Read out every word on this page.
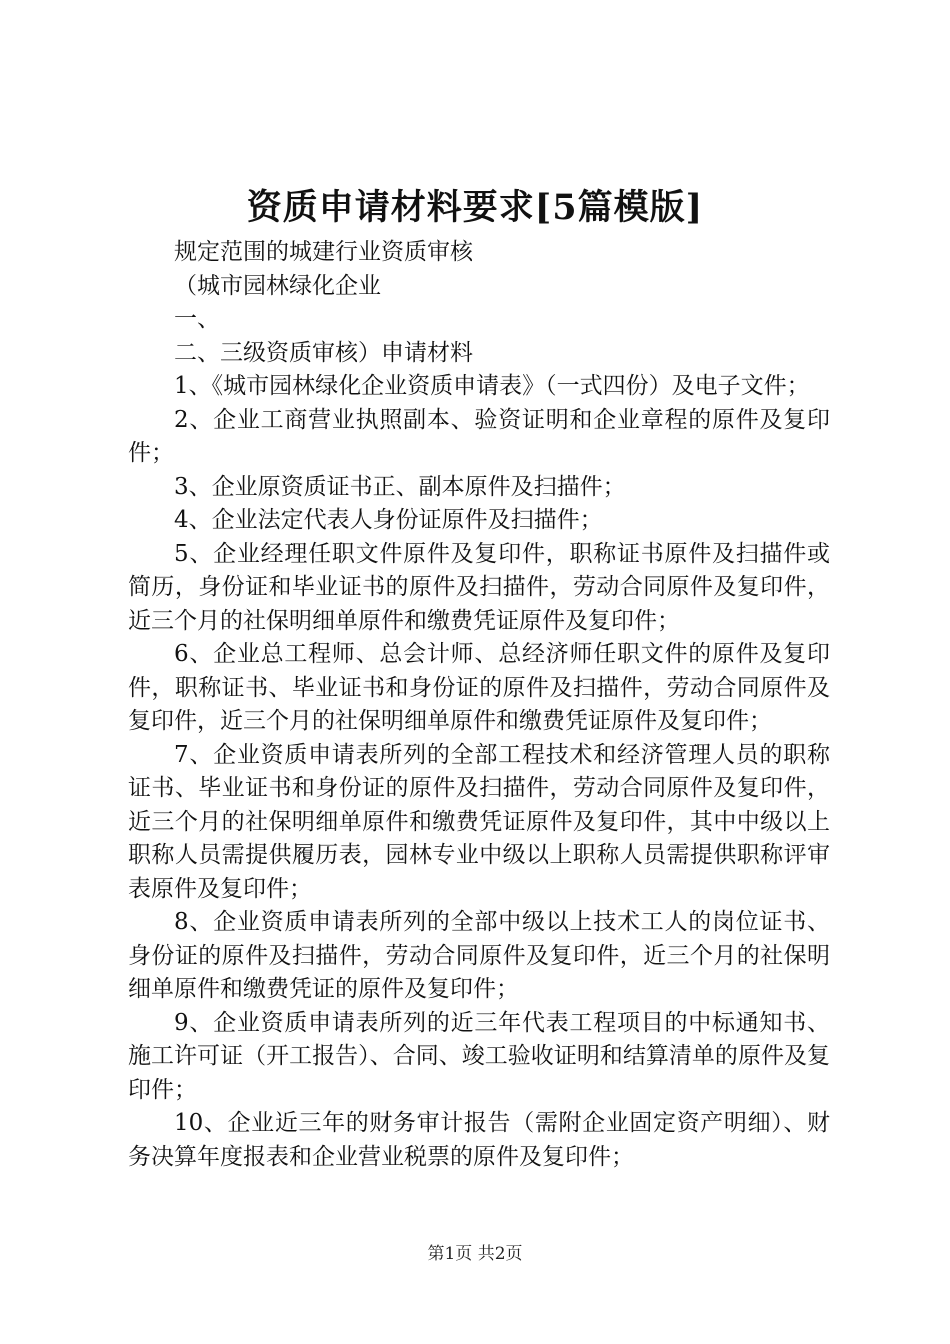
资质申请材料要求[5篇模版]

规定范围的城建行业资质审核

（城市园林绿化企业

一、

二、三级资质审核）申请材料

1、《城市园林绿化企业资质申请表》（一式四份）及电子文件；

2、企业工商营业执照副本、验资证明和企业章程的原件及复印件；

3、企业原资质证书正、副本原件及扫描件；

4、企业法定代表人身份证原件及扫描件；

5、企业经理任职文件原件及复印件，职称证书原件及扫描件或简历，身份证和毕业证书的原件及扫描件，劳动合同原件及复印件，近三个月的社保明细单原件和缴费凭证原件及复印件；

6、企业总工程师、总会计师、总经济师任职文件的原件及复印件，职称证书、毕业证书和身份证的原件及扫描件，劳动合同原件及复印件，近三个月的社保明细单原件和缴费凭证原件及复印件；

7、企业资质申请表所列的全部工程技术和经济管理人员的职称证书、毕业证书和身份证的原件及扫描件，劳动合同原件及复印件，近三个月的社保明细单原件和缴费凭证原件及复印件，其中中级以上职称人员需提供履历表，园林专业中级以上职称人员需提供职称评审表原件及复印件；

8、企业资质申请表所列的全部中级以上技术工人的岗位证书、身份证的原件及扫描件，劳动合同原件及复印件，近三个月的社保明细单原件和缴费凭证的原件及复印件；

9、企业资质申请表所列的近三年代表工程项目的中标通知书、施工许可证（开工报告）、合同、竣工验收证明和结算清单的原件及复印件；

10、企业近三年的财务审计报告（需附企业固定资产明细）、财务决算年度报表和企业营业税票的原件及复印件；

第1页 共2页
